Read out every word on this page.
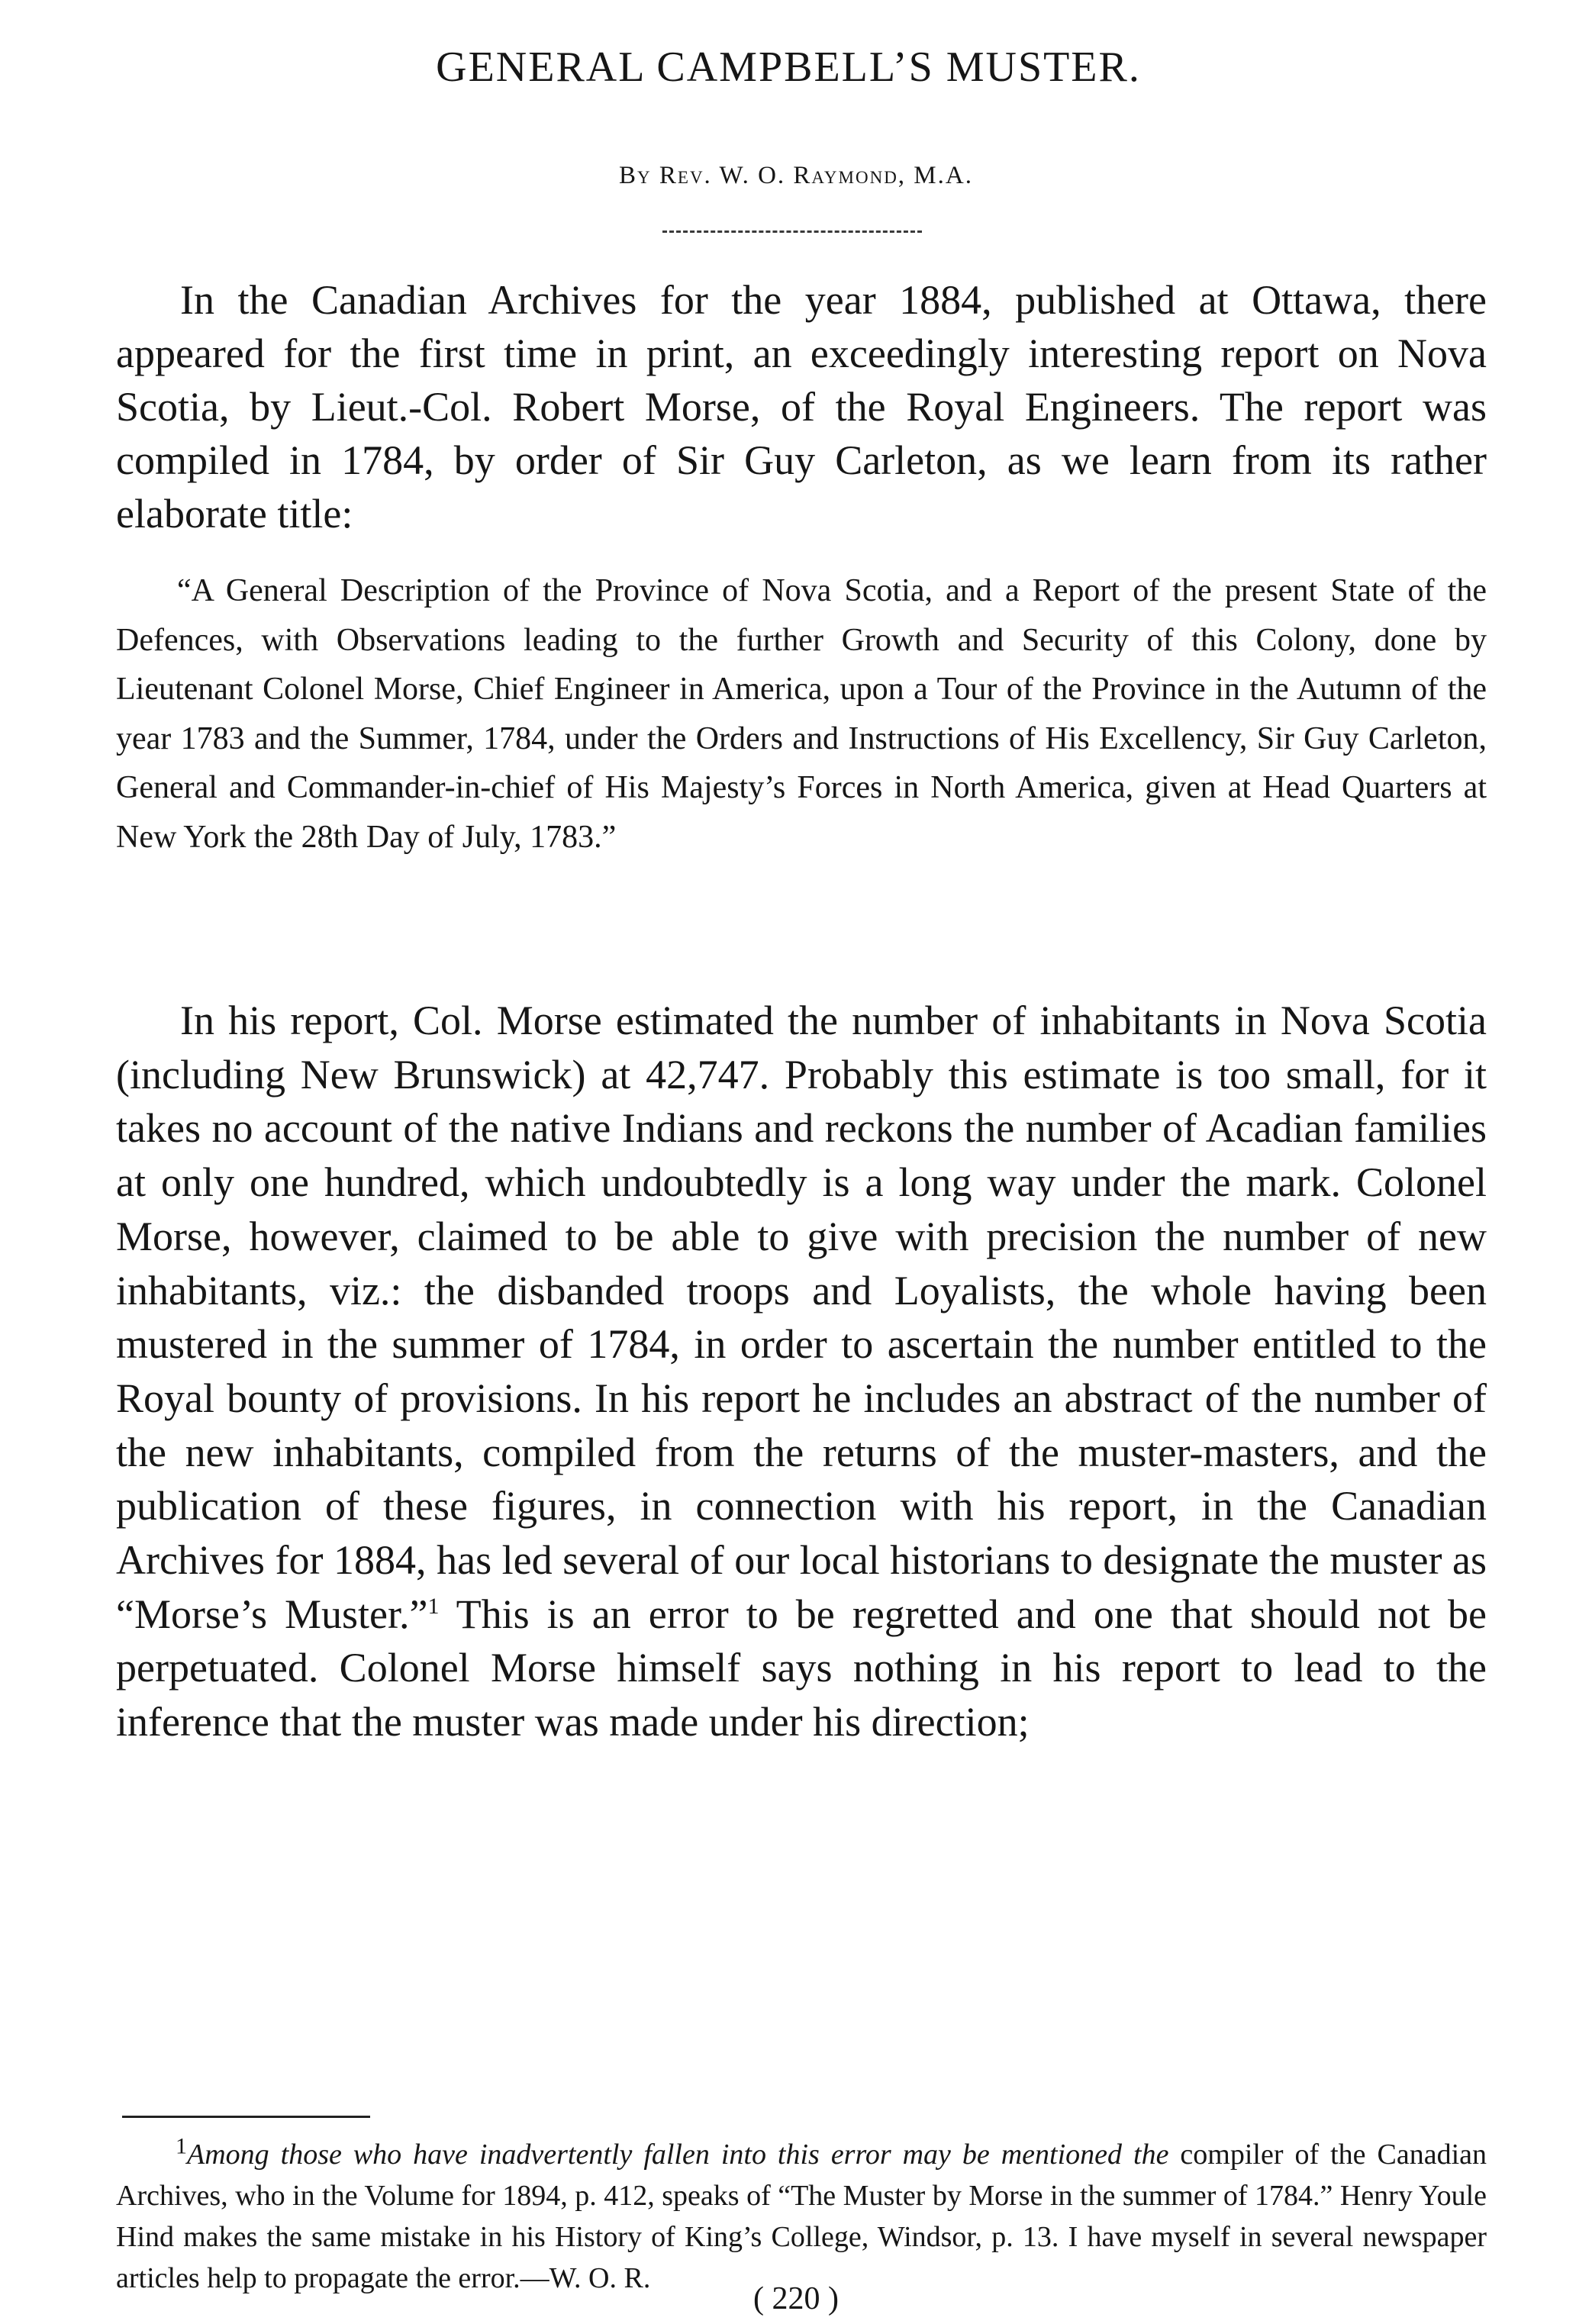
GENERAL CAMPBELL’S MUSTER.
By Rev. W. O. Raymond, M.A.

In the Canadian Archives for the year 1884, published at Ottawa, there appeared for the first time in print, an exceedingly interesting report on Nova Scotia, by Lieut.-Col. Robert Morse, of the Royal Engineers. The report was compiled in 1784, by order of Sir Guy Carleton, as we learn from its rather elaborate title:

“A General Description of the Province of Nova Scotia, and a Report of the present State of the Defences, with Observations leading to the further Growth and Security of this Colony, done by Lieutenant Colonel Morse, Chief Engineer in America, upon a Tour of the Province in the Autumn of the year 1783 and the Summer, 1784, under the Orders and Instructions of His Excellency, Sir Guy Carleton, General and Commander-in-chief of His Majesty’s Forces in North America, given at Head Quarters at New York the 28th Day of July, 1783.”

In his report, Col. Morse estimated the number of inhabitants in Nova Scotia (including New Brunswick) at 42,747. Probably this estimate is too small, for it takes no account of the native Indians and reckons the number of Acadian families at only one hundred, which undoubtedly is a long way under the mark. Colonel Morse, however, claimed to be able to give with precision the number of new inhabitants, viz.: the disbanded troops and Loyalists, the whole having been mustered in the summer of 1784, in order to ascertain the number entitled to the Royal bounty of provisions. In his report he includes an abstract of the number of the new inhabitants, compiled from the returns of the muster-masters, and the publication of these figures, in connection with his report, in the Canadian Archives for 1884, has led several of our local historians to designate the muster as “Morse’s Muster.”$^1$ This is an error to be regretted and one that should not be perpetuated. Colonel Morse himself says nothing in his report to lead to the inference that the muster was made under his direction;

$^1$Among those who have inadvertently fallen into this error may be mentioned the compiler of the Canadian Archives, who in the Volume for 1894, p. 412, speaks of “The Muster by Morse in the summer of 1784.” Henry Youle Hind makes the same mistake in his History of King’s College, Windsor, p. 13. I have myself in several newspaper articles help to propagate the error.—W. O. R.

( 220 )
